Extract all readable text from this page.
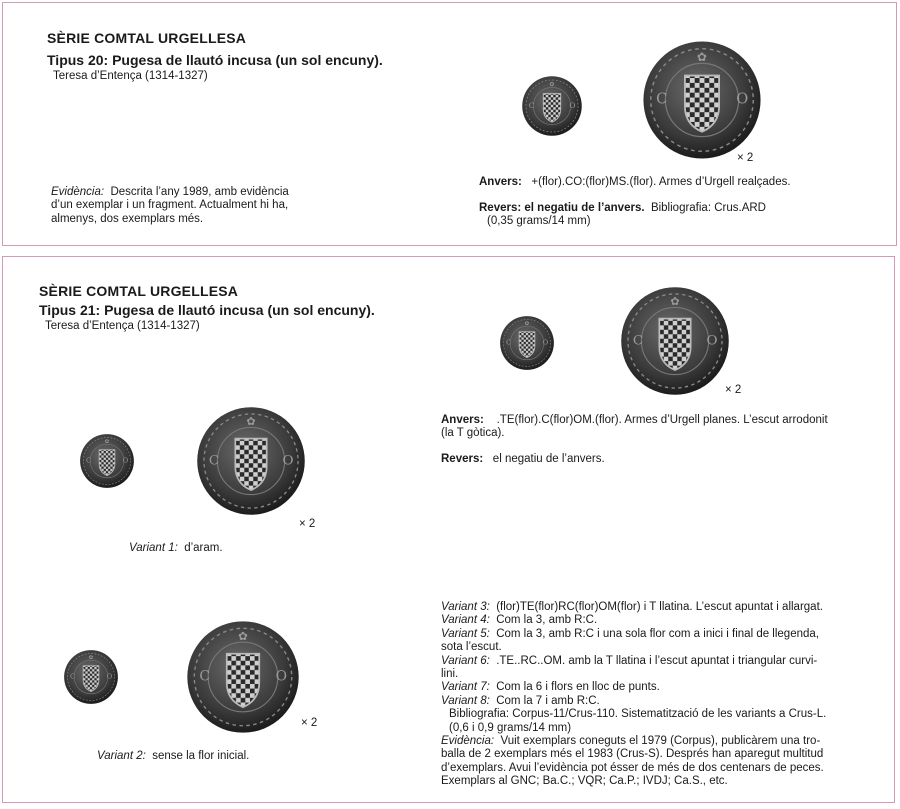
SÈRIE COMTAL URGELLESA
Tipus 20: Pugesa de llautó incusa (un sol encuny).
Teresa d’Entença (1314-1327)
× 2
Evidència: Descrita l’any 1989, amb evidència
d’un exemplar i un fragment. Actualment hi ha,
almenys, dos exemplars més.
Anvers: +(flor).CO:(flor)MS.(flor). Armes d’Urgell realçades.
Revers: el negatiu de l’anvers. Bibliografia: Crus.ARD
(0,35 grams/14 mm)
SÈRIE COMTAL URGELLESA
Tipus 21: Pugesa de llautó incusa (un sol encuny).
Teresa d’Entença (1314-1327)
× 2
Anvers: .TE(flor).C(flor)OM.(flor). Armes d’Urgell planes. L’escut arrodonit
(la T gòtica).
Revers: el negatiu de l’anvers.
× 2
Variant 1: d’aram.
× 2
Variant 2: sense la flor inicial.
Variant 3: (flor)TE(flor)RC(flor)OM(flor) i T llatina. L’escut apuntat i allargat.
Variant 4: Com la 3, amb R:C.
Variant 5: Com la 3, amb R:C i una sola flor com a inici i final de llegenda,
sota l’escut.
Variant 6: .TE..RC..OM. amb la T llatina i l’escut apuntat i triangular curvi-
lini.
Variant 7: Com la 6 i flors en lloc de punts.
Variant 8: Com la 7 i amb R:C.
Bibliografia: Corpus-11/Crus-110. Sistematització de les variants a Crus-L.
(0,6 i 0,9 grams/14 mm)
Evidència: Vuit exemplars coneguts el 1979 (Corpus), publicàrem una tro-
balla de 2 exemplars més el 1983 (Crus-S). Després han aparegut multitud
d’exemplars. Avui l’evidència pot ésser de més de dos centenars de peces.
Exemplars al GNC; Ba.C.; VQR; Ca.P.; IVDJ; Ca.S., etc.
